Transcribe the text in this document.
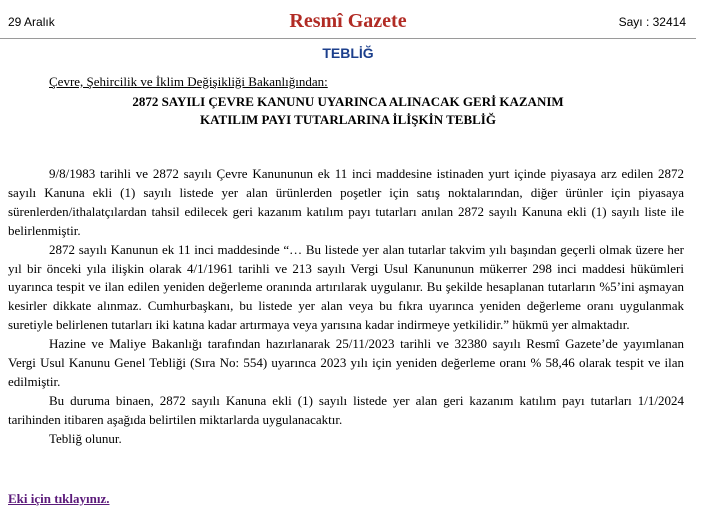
29 Aralık	Resmî Gazete	Sayı : 32414
TEBLİĞ
Çevre, Şehircilik ve İklim Değişikliği Bakanlığından:
2872 SAYILI ÇEVRE KANUNU UYARINCA ALINACAK GERİ KAZANIM
KATILIM PAYI TUTARLARINA İLİŞKİN TEBLİĞ

9/8/1983 tarihli ve 2872 sayılı Çevre Kanununun ek 11 inci maddesine istinaden yurt içinde piyasaya arz edilen 2872 sayılı Kanuna ekli (1) sayılı listede yer alan ürünlerden poşetler için satış noktalarından, diğer ürünler için piyasaya sürenlerden/ithalatçılardan tahsil edilecek geri kazanım katılım payı tutarları anılan 2872 sayılı Kanuna ekli (1) sayılı liste ile belirlenmiştir.

2872 sayılı Kanunun ek 11 inci maddesinde “… Bu listede yer alan tutarlar takvim yılı başından geçerli olmak üzere her yıl bir önceki yıla ilişkin olarak 4/1/1961 tarihli ve 213 sayılı Vergi Usul Kanununun mükerrer 298 inci maddesi hükümleri uyarınca tespit ve ilan edilen yeniden değerleme oranında artırılarak uygulanır. Bu şekilde hesaplanan tutarların %5’ini aşmayan kesirler dikkate alınmaz. Cumhurbaşkanı, bu listede yer alan veya bu fıkra uyarınca yeniden değerleme oranı uygulanmak suretiyle belirlenen tutarları iki katına kadar artırmaya veya yarısına kadar indirmeye yetkilidir.” hükmü yer almaktadır.

Hazine ve Maliye Bakanlığı tarafından hazırlanarak 25/11/2023 tarihli ve 32380 sayılı Resmî Gazete’de yayımlanan Vergi Usul Kanunu Genel Tebliği (Sıra No: 554) uyarınca 2023 yılı için yeniden değerleme oranı % 58,46 olarak tespit ve ilan edilmiştir.

Bu duruma binaen, 2872 sayılı Kanuna ekli (1) sayılı listede yer alan geri kazanım katılım payı tutarları 1/1/2024 tarihinden itibaren aşağıda belirtilen miktarlarda uygulanacaktır.

Tebliğ olunur.

Eki için tıklayınız.
